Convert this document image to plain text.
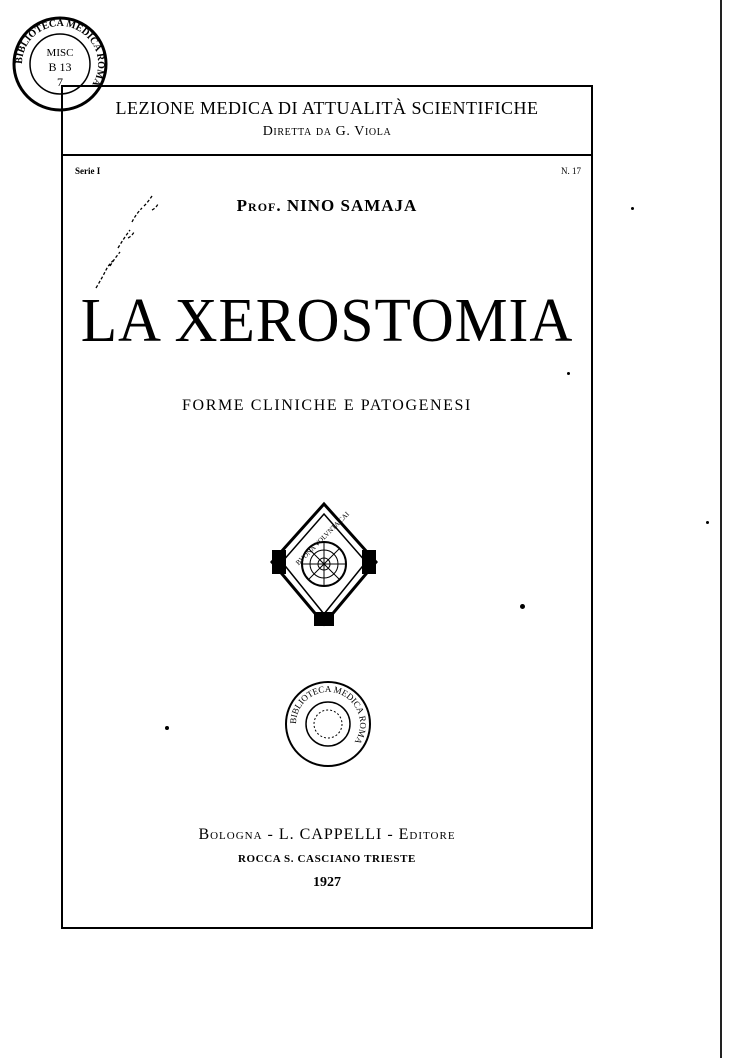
BIBLIOTECA MEDICA ROMA
MISC
B 13
7
LEZIONE MEDICA DI ATTUALITÀ SCIENTIFICHE
Diretta da G. Viola
Serie I	N. 17
Misc 13/7
Prof. NINO SAMAJA
LA XEROSTOMIA
FORME CLINICHE E PATOGENESI
BVONA VOLVNTA CAI
BIBLIOTECA MEDICA ROMA
Bologna - L. CAPPELLI - Editore
ROCCA S. CASCIANO TRIESTE
1927
